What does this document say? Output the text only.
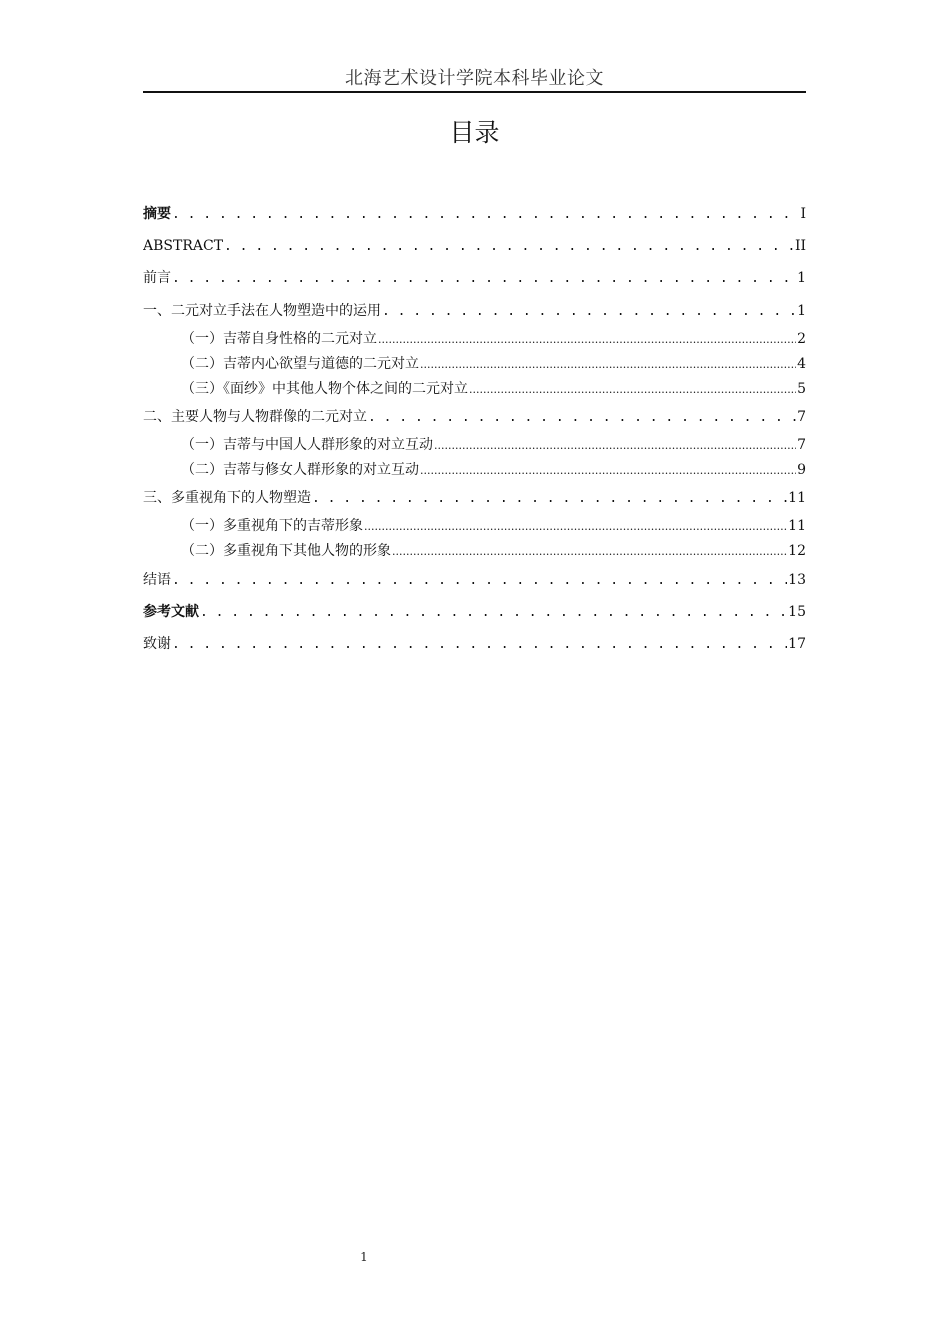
北海艺术设计学院本科毕业论文
目录
摘要 . . .	I
ABSTRACT . . .	II
前言 . . .	1
一、二元对立手法在人物塑造中的运用 . . .	1
（一）吉蒂自身性格的二元对立 .....	2
（二）吉蒂内心欲望与道德的二元对立 .....	4
（三）《面纱》中其他人物个体之间的二元对立 .....	5
二、主要人物与人物群像的二元对立 . . .	7
（一）吉蒂与中国人人群形象的对立互动 .....	7
（二）吉蒂与修女人群形象的对立互动 .....	9
三、多重视角下的人物塑造 . . .	11
（一）多重视角下的吉蒂形象 .....	11
（二）多重视角下其他人物的形象 .....	12
结语 . . .	13
参考文献 . . .	15
致谢 . . .	17
1
